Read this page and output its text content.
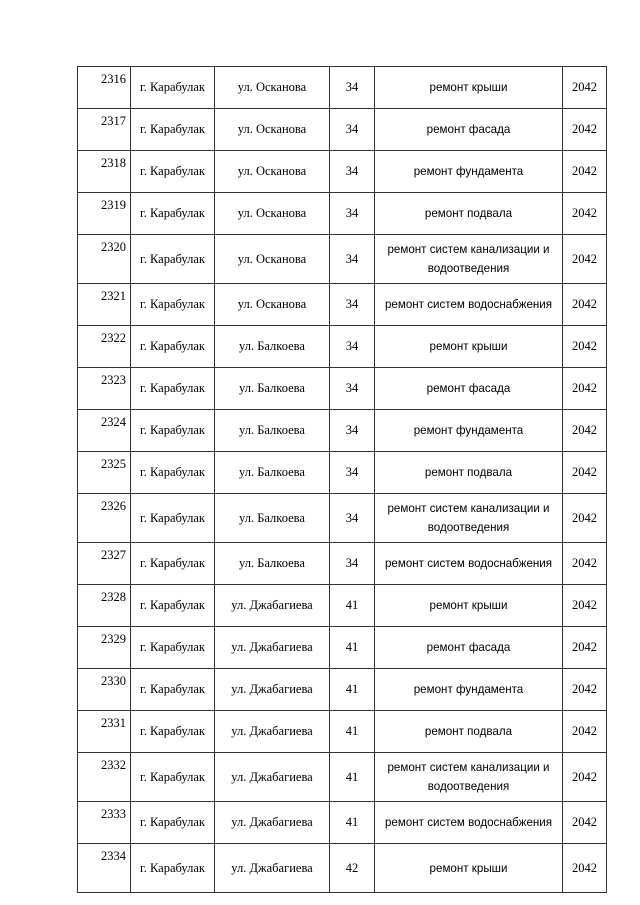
2316	г. Карабулак	ул. Осканова	34	ремонт крыши	2042
2317	г. Карабулак	ул. Осканова	34	ремонт фасада	2042
2318	г. Карабулак	ул. Осканова	34	ремонт фундамента	2042
2319	г. Карабулак	ул. Осканова	34	ремонт подвала	2042
2320	г. Карабулак	ул. Осканова	34	ремонт систем канализации и водоотведения	2042
2321	г. Карабулак	ул. Осканова	34	ремонт систем водоснабжения	2042
2322	г. Карабулак	ул. Балкоева	34	ремонт крыши	2042
2323	г. Карабулак	ул. Балкоева	34	ремонт фасада	2042
2324	г. Карабулак	ул. Балкоева	34	ремонт фундамента	2042
2325	г. Карабулак	ул. Балкоева	34	ремонт подвала	2042
2326	г. Карабулак	ул. Балкоева	34	ремонт систем канализации и водоотведения	2042
2327	г. Карабулак	ул. Балкоева	34	ремонт систем водоснабжения	2042
2328	г. Карабулак	ул. Джабагиева	41	ремонт крыши	2042
2329	г. Карабулак	ул. Джабагиева	41	ремонт фасада	2042
2330	г. Карабулак	ул. Джабагиева	41	ремонт фундамента	2042
2331	г. Карабулак	ул. Джабагиева	41	ремонт подвала	2042
2332	г. Карабулак	ул. Джабагиева	41	ремонт систем канализации и водоотведения	2042
2333	г. Карабулак	ул. Джабагиева	41	ремонт систем водоснабжения	2042
2334	г. Карабулак	ул. Джабагиева	42	ремонт крыши	2042
